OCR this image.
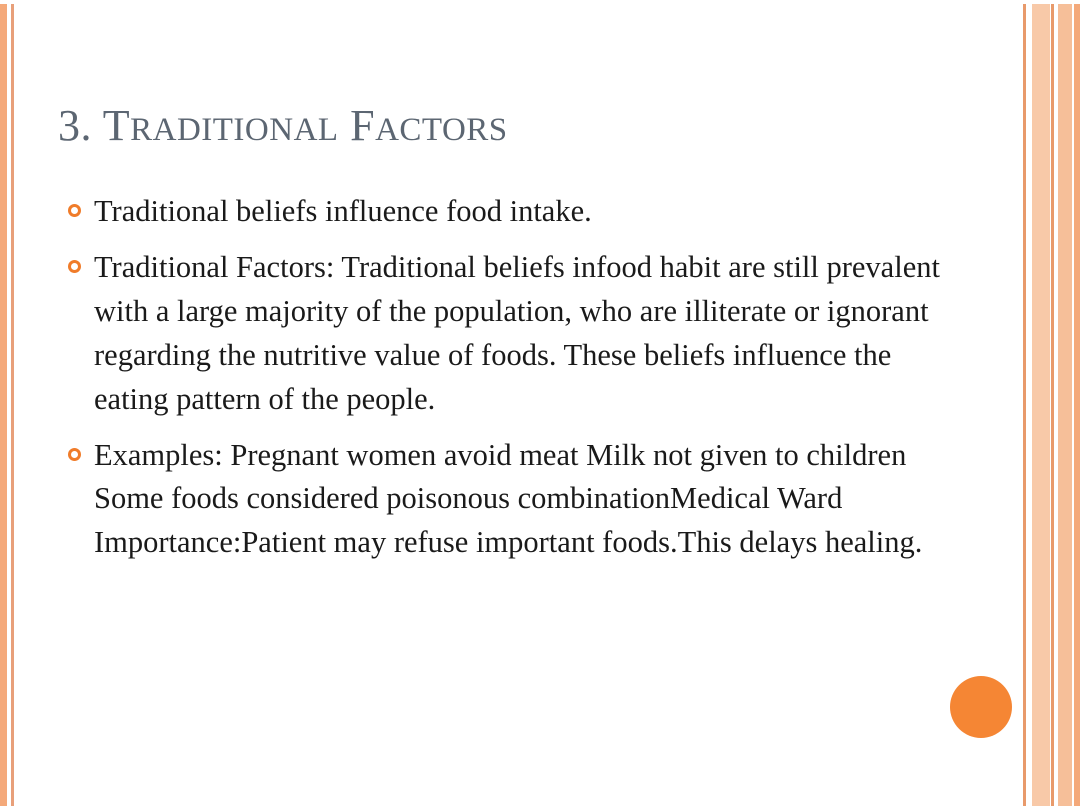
3. TRADITIONAL FACTORS
Traditional beliefs influence food intake.
Traditional Factors: Traditional beliefs infood habit are still prevalent with a large majority of the population, who are illiterate or ignorant regarding the nutritive value of foods. These beliefs influence the eating pattern of the people.
Examples: Pregnant women avoid meat Milk not given to children Some foods considered poisonous combinationMedical Ward Importance:Patient may refuse important foods.This delays healing.
